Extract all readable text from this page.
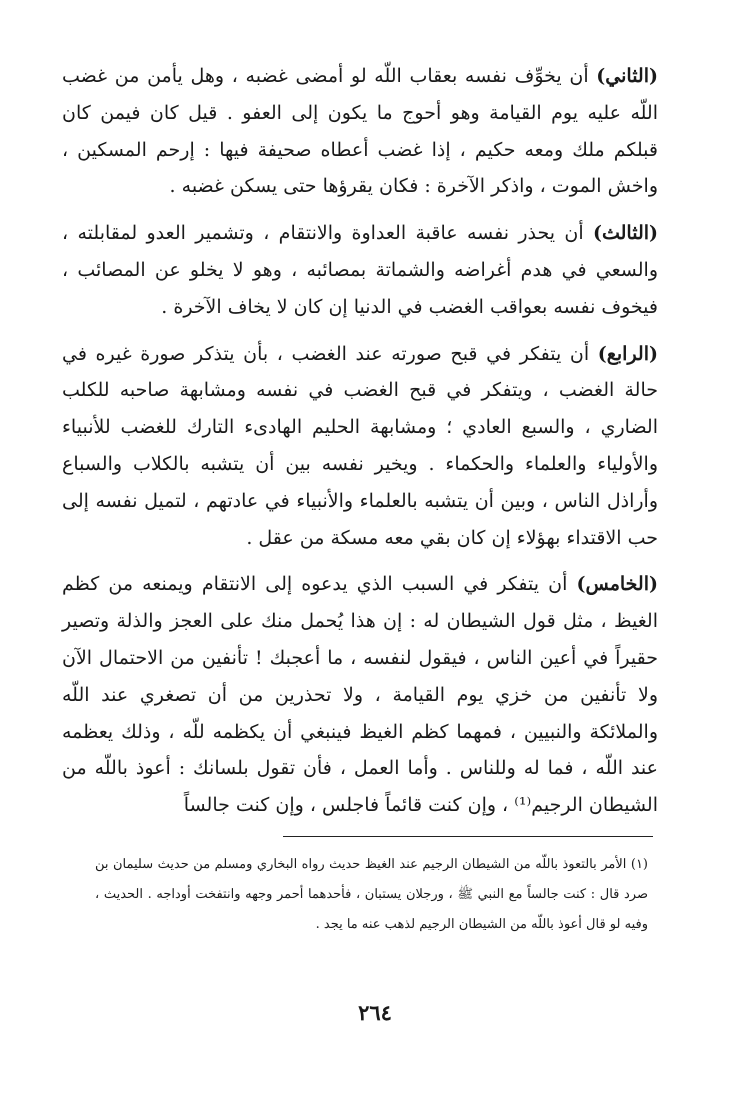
(الثاني) أن يخوِّف نفسه بعقاب اللّه لو أمضى غضبه ، وهل يأمن من غضب اللّه عليه يوم القيامة وهو أحوج ما يكون إلى العفو . قيل كان فيمن كان قبلكم ملك ومعه حكيم ، إذا غضب أعطاه صحيفة فيها : إرحم المسكين ، واخش الموت ، واذكر الآخرة : فكان يقرؤها حتى يسكن غضبه .

(الثالث) أن يحذر نفسه عاقبة العداوة والانتقام ، وتشمير العدو لمقابلته ، والسعي في هدم أغراضه والشماتة بمصائبه ، وهو لا يخلو عن المصائب ، فيخوف نفسه بعواقب الغضب في الدنيا إن كان لا يخاف الآخرة .

(الرابع) أن يتفكر في قبح صورته عند الغضب ، بأن يتذكر صورة غيره في حالة الغضب ، ويتفكر في قبح الغضب في نفسه ومشابهة صاحبه للكلب الضاري ، والسبع العادي ؛ ومشابهة الحليم الهادىء التارك للغضب للأنبياء والأولياء والعلماء والحكماء . ويخير نفسه بين أن يتشبه بالكلاب والسباع وأراذل الناس ، وبين أن يتشبه بالعلماء والأنبياء في عادتهم ، لتميل نفسه إلى حب الاقتداء بهؤلاء إن كان بقي معه مسكة من عقل .

(الخامس) أن يتفكر في السبب الذي يدعوه إلى الانتقام ويمنعه من كظم الغيظ ، مثل قول الشيطان له : إن هذا يُحمل منك على العجز والذلة وتصير حقيراً في أعين الناس ، فيقول لنفسه ، ما أعجبك ! تأنفين من الاحتمال الآن ولا تأنفين من خزي يوم القيامة ، ولا تحذرين من أن تصغري عند اللّه والملائكة والنبيين ، فمهما كظم الغيظ فينبغي أن يكظمه للّه ، وذلك يعظمه عند اللّه ، فما له وللناس . وأما العمل ، فأن تقول بلسانك : أعوذ باللّه من الشيطان الرجيم⁽¹⁾ ، وإن كنت قائماً فاجلس ، وإن كنت جالساً

(١) الأمر بالتعوذ باللّه من الشيطان الرجيم عند الغيظ حديث رواه البخاري ومسلم من حديث سليمان بن صرد قال : كنت جالساً مع النبي ﷺ ، ورجلان يستبان ، فأحدهما أحمر وجهه وانتفخت أوداجه . الحديث ، وفيه لو قال أعوذ باللّه من الشيطان الرجيم لذهب عنه ما يجد .

٢٦٤
